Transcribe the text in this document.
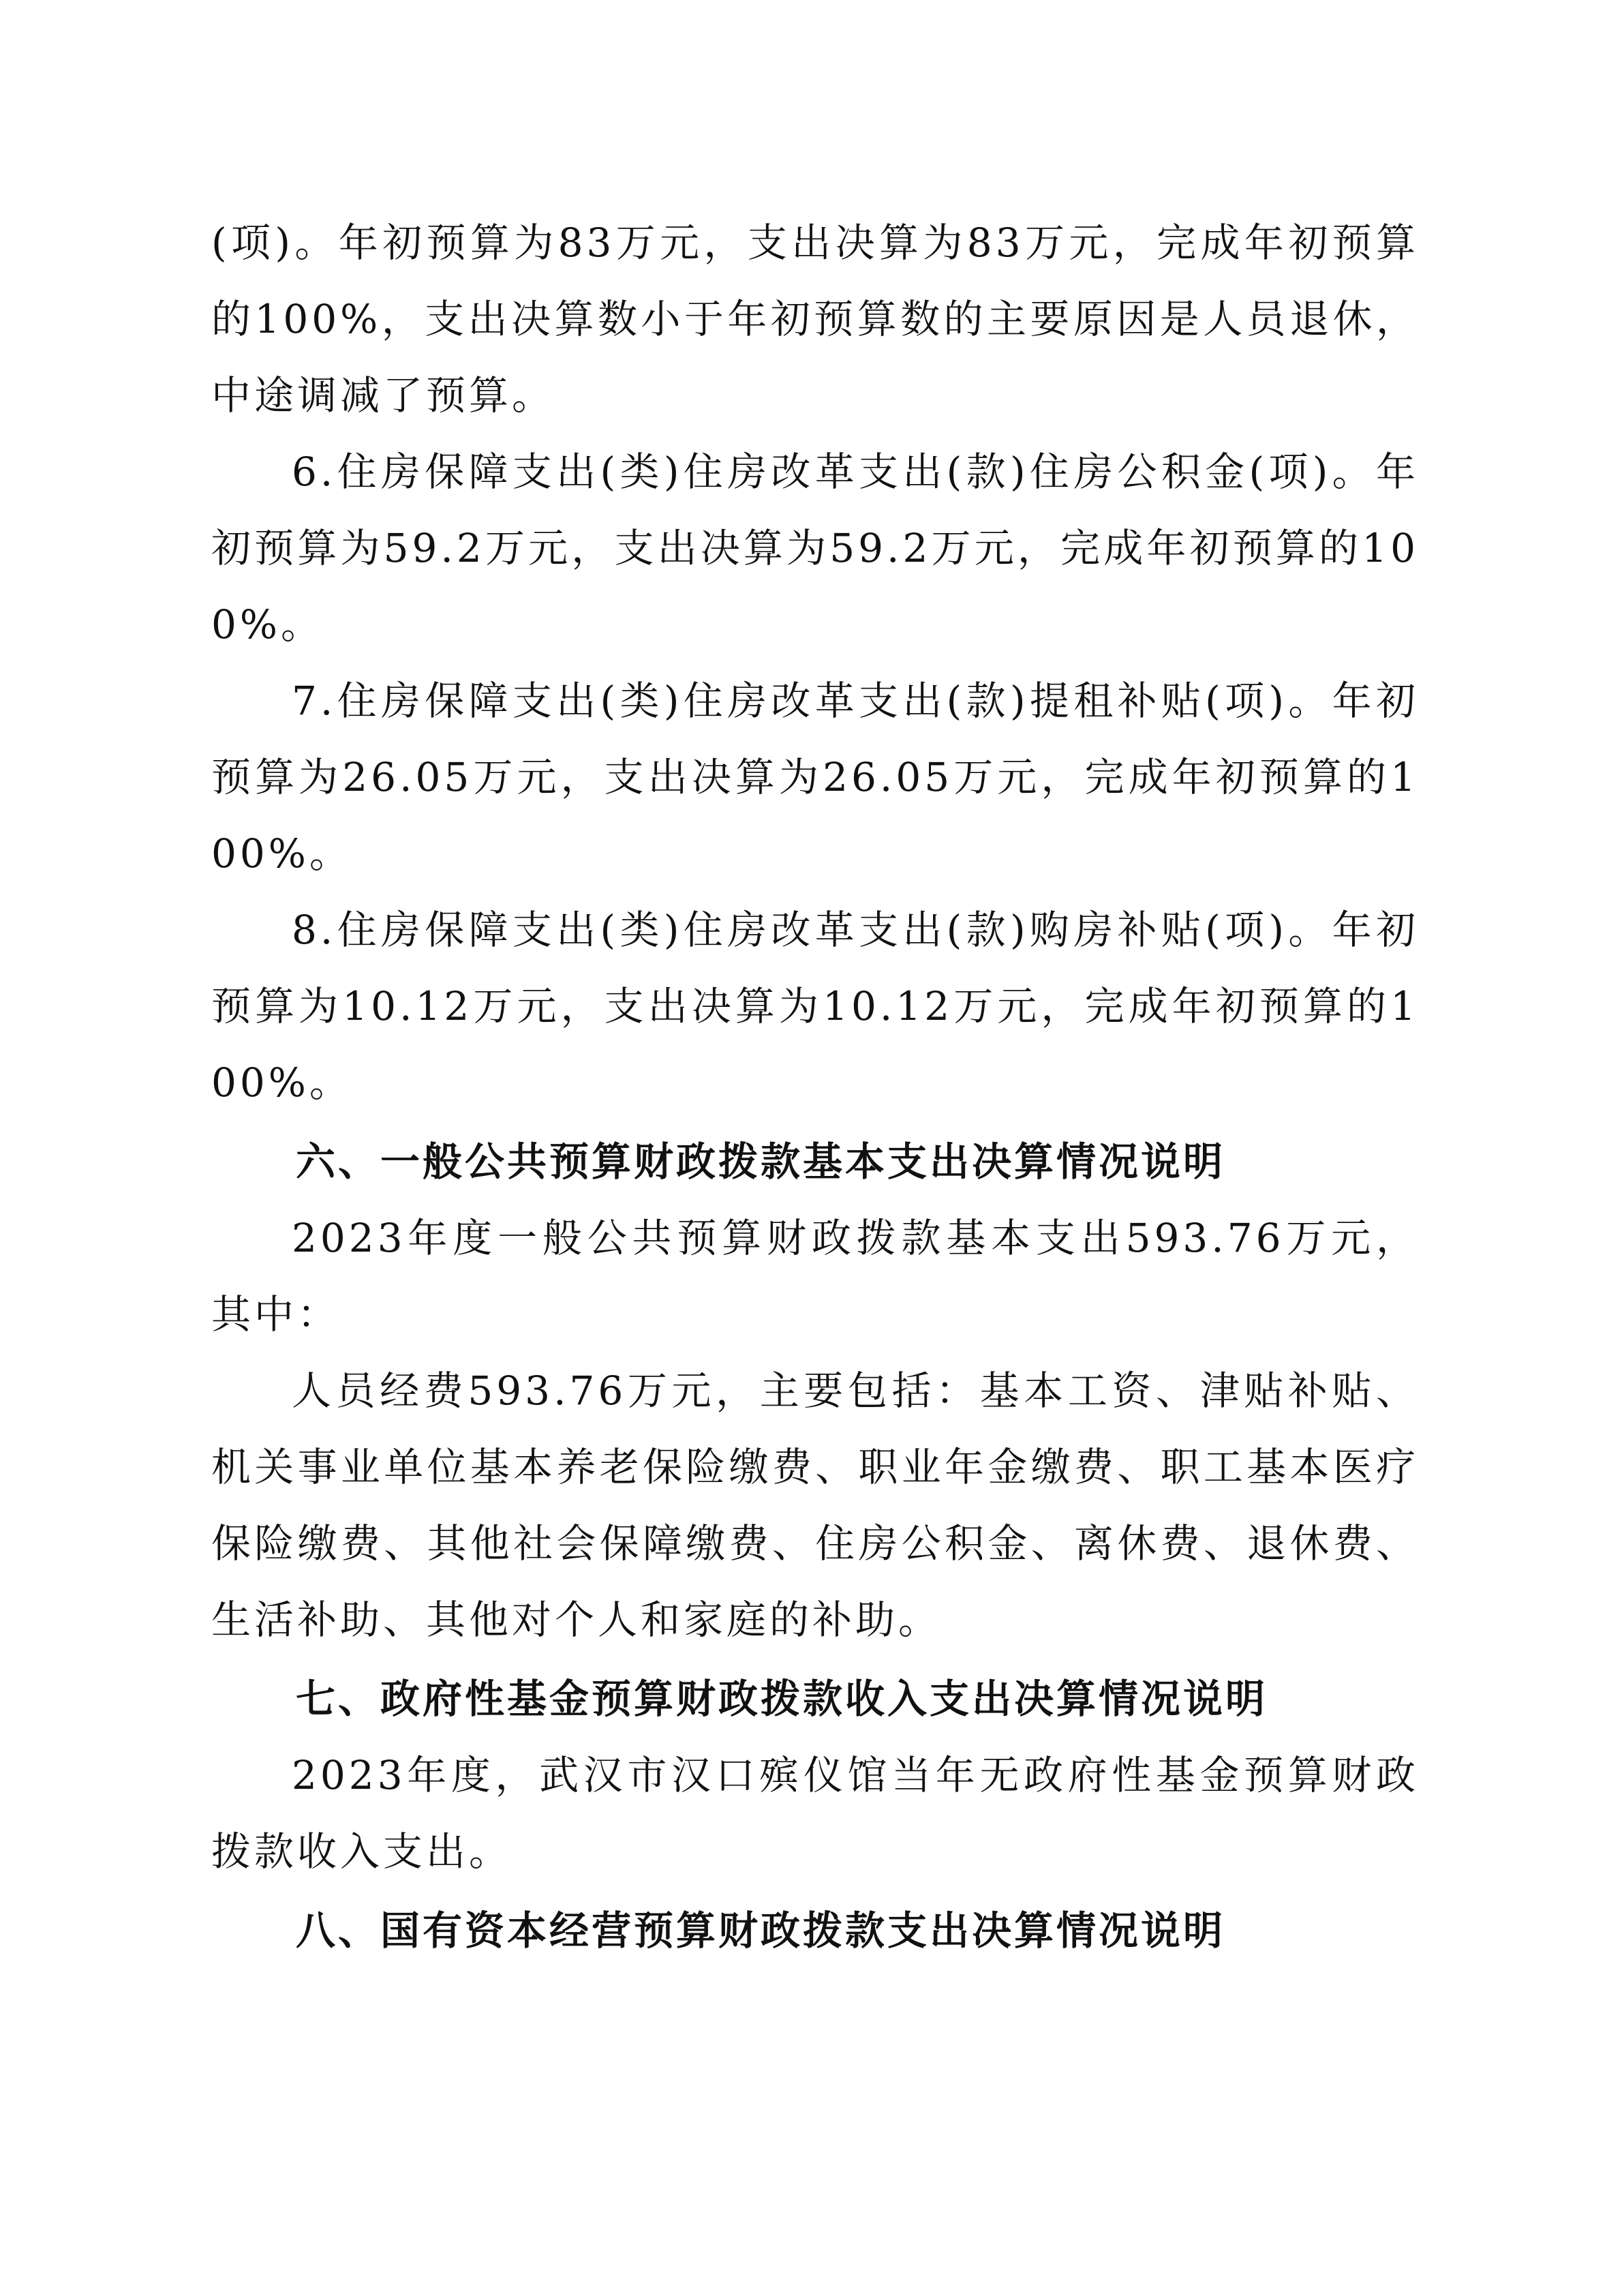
(项)。年初预算为83万元，支出决算为83万元，完成年初预算的100%，支出决算数小于年初预算数的主要原因是人员退休，中途调减了预算。

6.住房保障支出(类)住房改革支出(款)住房公积金(项)。年初预算为59.2万元，支出决算为59.2万元，完成年初预算的100%。

7.住房保障支出(类)住房改革支出(款)提租补贴(项)。年初预算为26.05万元，支出决算为26.05万元，完成年初预算的100%。

8.住房保障支出(类)住房改革支出(款)购房补贴(项)。年初预算为10.12万元，支出决算为10.12万元，完成年初预算的100%。

六、一般公共预算财政拨款基本支出决算情况说明

2023年度一般公共预算财政拨款基本支出593.76万元，其中：

人员经费593.76万元，主要包括：基本工资、津贴补贴、机关事业单位基本养老保险缴费、职业年金缴费、职工基本医疗保险缴费、其他社会保障缴费、住房公积金、离休费、退休费、生活补助、其他对个人和家庭的补助。

七、政府性基金预算财政拨款收入支出决算情况说明

2023年度，武汉市汉口殡仪馆当年无政府性基金预算财政拨款收入支出。

八、国有资本经营预算财政拨款支出决算情况说明
